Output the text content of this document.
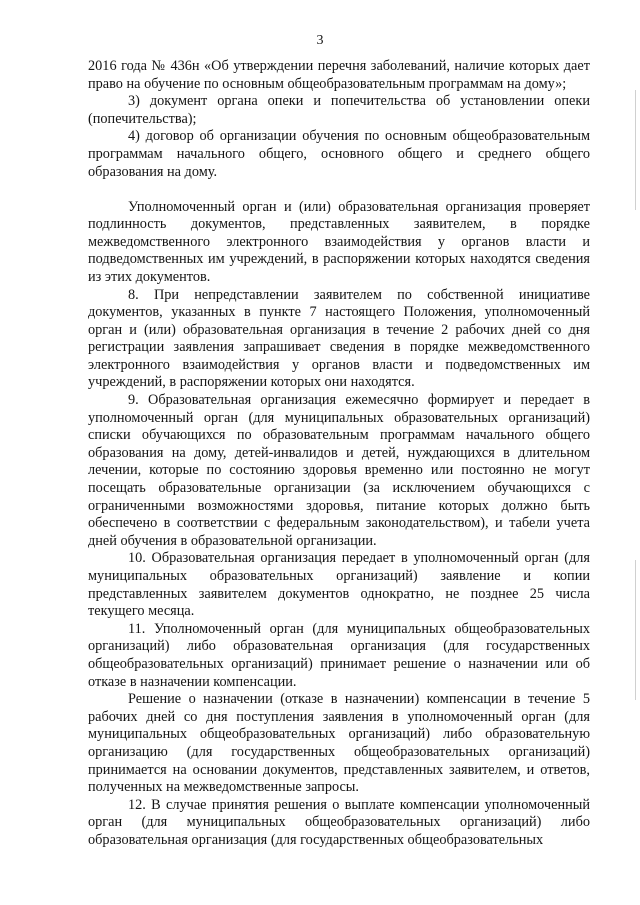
3

2016 года № 436н «Об утверждении перечня заболеваний, наличие которых дает право на обучение по основным общеобразовательным программам на дому»;

3) документ органа опеки и попечительства об установлении опеки (попечительства);

4) договор об организации обучения по основным общеобразовательным программам начального общего, основного общего и среднего общего образования на дому.

Уполномоченный орган и (или) образовательная организация проверяет подлинность документов, представленных заявителем, в порядке межведомственного электронного взаимодействия у органов власти и подведомственных им учреждений, в распоряжении которых находятся сведения из этих документов.

8. При непредставлении заявителем по собственной инициативе документов, указанных в пункте 7 настоящего Положения, уполномоченный орган и (или) образовательная организация в течение 2 рабочих дней со дня регистрации заявления запрашивает сведения в порядке межведомственного электронного взаимодействия у органов власти и подведомственных им учреждений, в распоряжении которых они находятся.

9. Образовательная организация ежемесячно формирует и передает в уполномоченный орган (для муниципальных образовательных организаций) списки обучающихся по образовательным программам начального общего образования на дому, детей-инвалидов и детей, нуждающихся в длительном лечении, которые по состоянию здоровья временно или постоянно не могут посещать образовательные организации (за исключением обучающихся с ограниченными возможностями здоровья, питание которых должно быть обеспечено в соответствии с федеральным законодательством), и табели учета дней обучения в образовательной организации.

10. Образовательная организация передает в уполномоченный орган (для муниципальных образовательных организаций) заявление и копии представленных заявителем документов однократно, не позднее 25 числа текущего месяца.

11. Уполномоченный орган (для муниципальных общеобразовательных организаций) либо образовательная организация (для государственных общеобразовательных организаций) принимает решение о назначении или об отказе в назначении компенсации.

Решение о назначении (отказе в назначении) компенсации в течение 5 рабочих дней со дня поступления заявления в уполномоченный орган (для муниципальных общеобразовательных организаций) либо образовательную организацию (для государственных общеобразовательных организаций) принимается на основании документов, представленных заявителем, и ответов, полученных на межведомственные запросы.

12. В случае принятия решения о выплате компенсации уполномоченный орган (для муниципальных общеобразовательных организаций) либо образовательная организация (для государственных общеобразовательных
